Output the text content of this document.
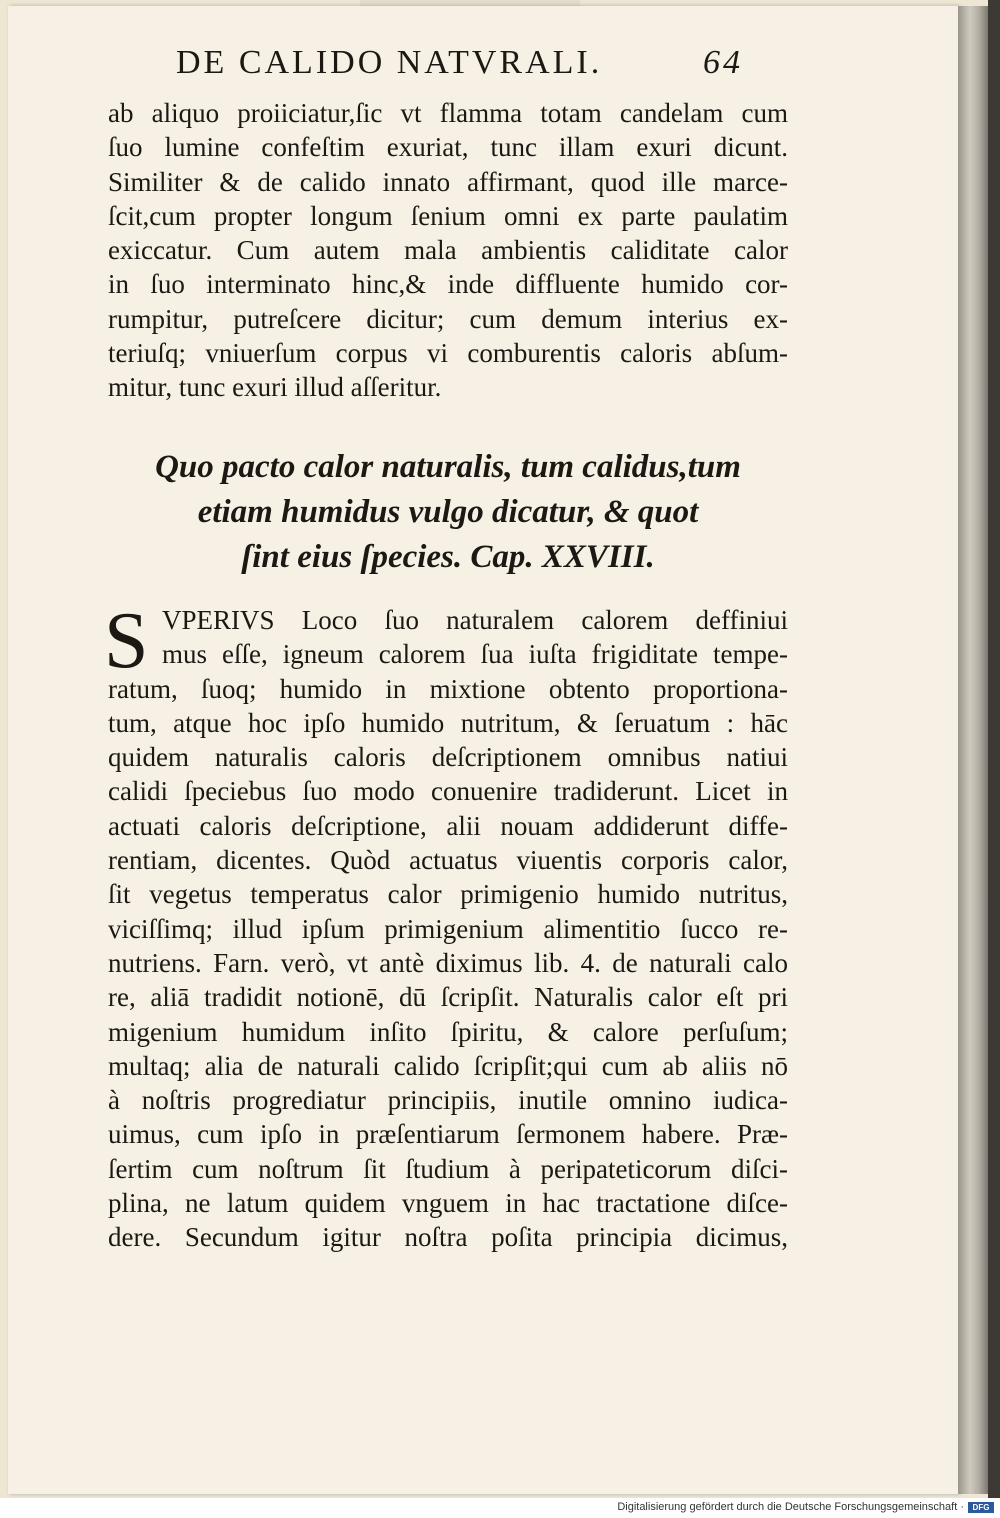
DE CALIDO NATVRALI.	64
ab aliquo proiiciatur,ſic vt flamma totam candelam cum
ſuo lumine confeſtim exuriat, tunc illam exuri dicunt.
Similiter & de calido innato affirmant, quod ille marce-
ſcit,cum propter longum ſenium omni ex parte paulatim
exiccatur. Cum autem mala ambientis caliditate calor
in ſuo interminato hinc,& inde diffluente humido cor-
rumpitur, putreſcere dicitur; cum demum interius ex-
teriuſq; vniuerſum corpus vi comburentis caloris abſum-
mitur, tunc exuri illud aſſeritur.
Quo pacto calor naturalis, tum calidus,tum
etiam humidus vulgo dicatur, & quot
ſint eius ſpecies. Cap. XXVIII.
S VPERIVS Loco ſuo naturalem calorem deffiniui
mus eſſe, igneum calorem ſua iuſta frigiditate tempe-
ratum, ſuoq; humido in mixtione obtento proportiona-
tum, atque hoc ipſo humido nutritum, & ſeruatum : hāc
quidem naturalis caloris deſcriptionem omnibus natiui
calidi ſpeciebus ſuo modo conuenire tradiderunt. Licet in
actuati caloris deſcriptione, alii nouam addiderunt diffe-
rentiam, dicentes. Quòd actuatus viuentis corporis calor,
ſit vegetus temperatus calor primigenio humido nutritus,
viciſſimq; illud ipſum primigenium alimentitio ſucco re-
nutriens. Farn. verò, vt antè diximus lib. 4. de naturali calo
re, aliā tradidit notionē, dū ſcripſit. Naturalis calor eſt pri
migenium humidum inſito ſpiritu, & calore perſuſum;
multaq; alia de naturali calido ſcripſit;qui cum ab aliis nō
à noſtris progrediatur principiis, inutile omnino iudica-
uimus, cum ipſo in præſentiarum ſermonem habere. Præ-
ſertim cum noſtrum ſit ſtudium à peripateticorum diſci-
plina, ne latum quidem vnguem in hac tractatione diſce-
dere. Secundum igitur noſtra poſita principia dicimus,
Digitalisierung gefördert durch die Deutsche Forschungsgemeinschaft ·	DFG
